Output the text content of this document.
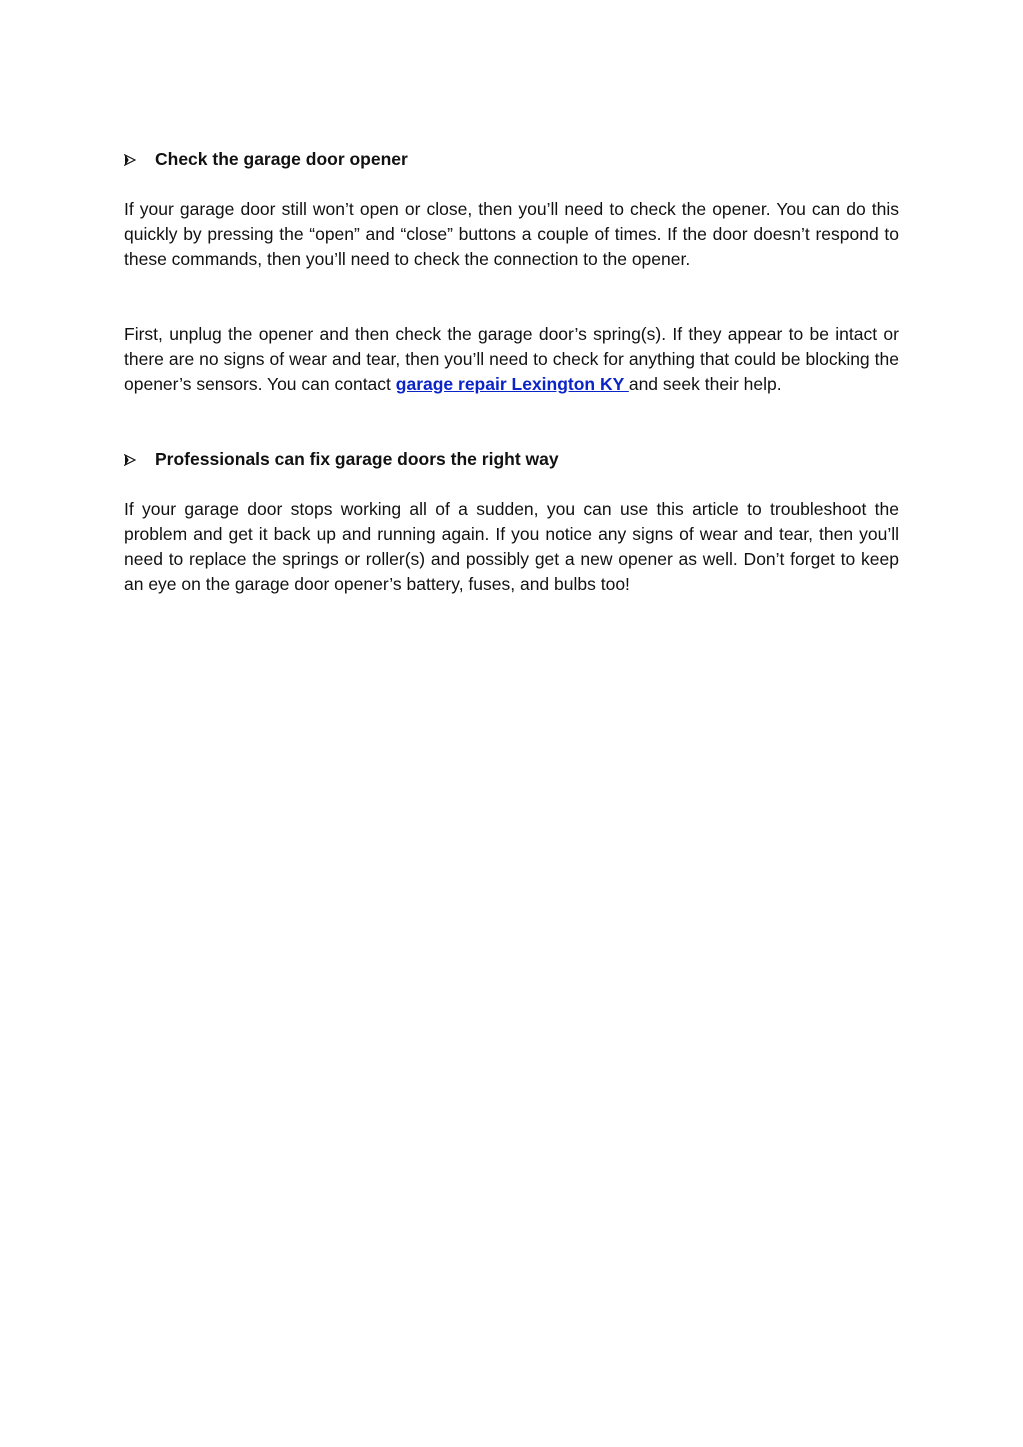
Check the garage door opener

If your garage door still won’t open or close, then you’ll need to check the opener. You can do this quickly by pressing the “open” and “close” buttons a couple of times. If the door doesn’t respond to these commands, then you’ll need to check the connection to the opener.

First, unplug the opener and then check the garage door’s spring(s). If they appear to be intact or there are no signs of wear and tear, then you’ll need to check for anything that could be blocking the opener’s sensors. You can contact garage repair Lexington KY and seek their help.

Professionals can fix garage doors the right way

If your garage door stops working all of a sudden, you can use this article to troubleshoot the problem and get it back up and running again. If you notice any signs of wear and tear, then you’ll need to replace the springs or roller(s) and possibly get a new opener as well. Don’t forget to keep an eye on the garage door opener’s battery, fuses, and bulbs too!
